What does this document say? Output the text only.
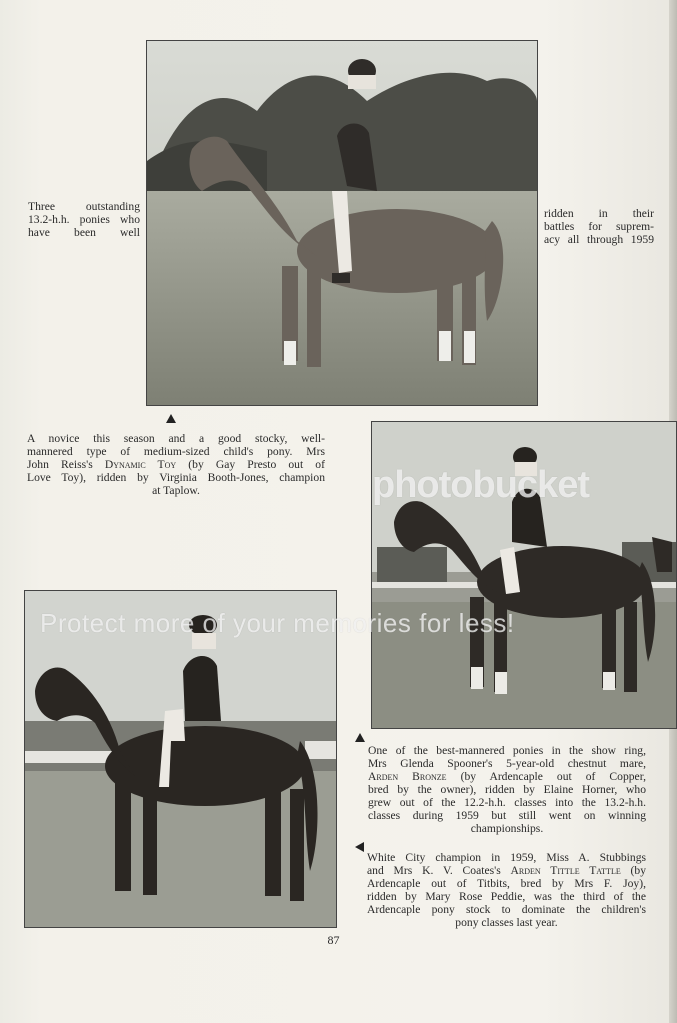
Three outstanding
13.2-h.h. ponies who
have been well
ridden in their
battles for suprem-
acy all through 1959
A novice this season and a good stocky, well-
mannered type of medium-sized child's pony. Mrs
John Reiss's Dynamic Toy (by Gay Presto out of
Love Toy), ridden by Virginia Booth-Jones, champion
at Taplow.
One of the best-mannered ponies in the show ring,
Mrs Glenda Spooner's 5-year-old chestnut mare,
Arden Bronze (by Ardencaple out of Copper,
bred by the owner), ridden by Elaine Horner, who
grew out of the 12.2-h.h. classes into the 13.2-h.h.
classes during 1959 but still went on winning
championships.
White City champion in 1959, Miss A. Stubbings
and Mrs K. V. Coates's Arden Tittle Tattle (by
Ardencaple out of Titbits, bred by Mrs F. Joy),
ridden by Mary Rose Peddie, was the third of the
Ardencaple pony stock to dominate the children's
pony classes last year.
87
photobucket
Protect more of your memories for less!
